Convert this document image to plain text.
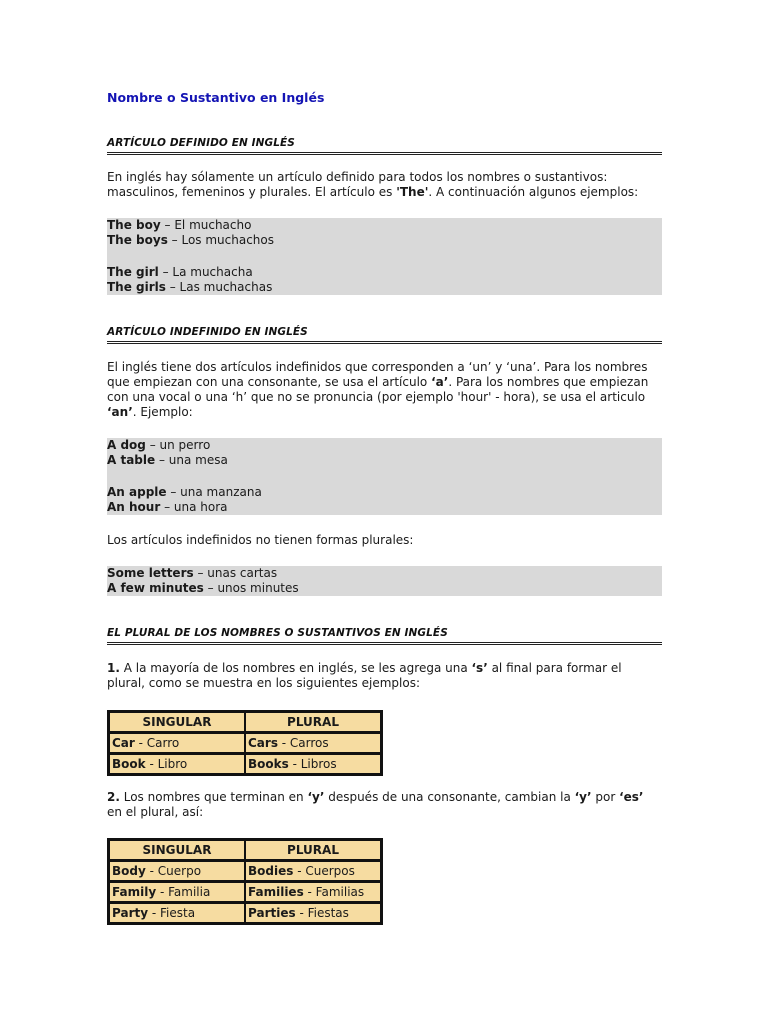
Nombre o Sustantivo en Inglés
ARTÍCULO DEFINIDO EN INGLÉS
En inglés hay sólamente un artículo definido para todos los nombres o sustantivos: masculinos, femeninos y plurales. El artículo es 'The'. A continuación algunos ejemplos:
The boy – El muchacho
The boys – Los muchachos
The girl – La muchacha
The girls – Las muchachas
ARTÍCULO INDEFINIDO EN INGLÉS
El inglés tiene dos artículos indefinidos que corresponden a ‘un’ y ‘una’. Para los nombres que empiezan con una consonante, se usa el artículo ‘a’. Para los nombres que empiezan con una vocal o una ‘h’ que no se pronuncia (por ejemplo 'hour' - hora), se usa el articulo ‘an’. Ejemplo:
A dog – un perro
A table – una mesa
An apple – una manzana
An hour – una hora
Los artículos indefinidos no tienen formas plurales:
Some letters – unas cartas
A few minutes – unos minutes
EL PLURAL DE LOS NOMBRES O SUSTANTIVOS EN INGLÉS
1. A la mayoría de los nombres en inglés, se les agrega una ‘s’ al final para formar el plural, como se muestra en los siguientes ejemplos:
SINGULAR	PLURAL
Car - Carro	Cars - Carros
Book - Libro	Books - Libros
2. Los nombres que terminan en ‘y’ después de una consonante, cambian la ‘y’ por ‘es’ en el plural, así:
SINGULAR	PLURAL
Body - Cuerpo	Bodies - Cuerpos
Family - Familia	Families - Familias
Party - Fiesta	Parties - Fiestas
